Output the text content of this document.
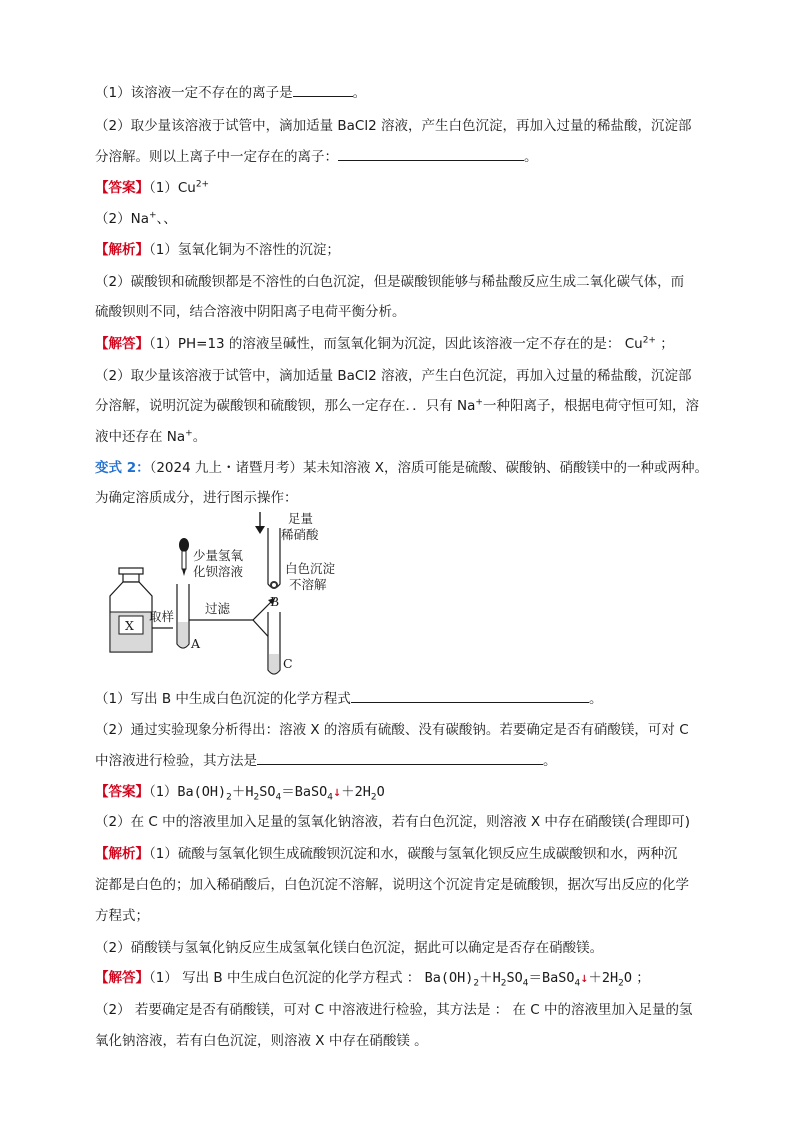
（1）该溶液一定不存在的离子是	。
（2）取少量该溶液于试管中，滴加适量 BaCl2 溶液，产生白色沉淀，再加入过量的稀盐酸，沉淀部
分溶解。则以上离子中一定存在的离子：	。
【答案】$(1)Cu^{2+}$
（2）Na+、、
【解析】（1）氢氧化铜为不溶性的沉淀；
（2）碳酸钡和硫酸钡都是不溶性的白色沉淀，但是碳酸钡能够与稀盐酸反应生成二氧化碳气体，而
硫酸钡则不同，结合溶液中阴阳离子电荷平衡分析。
【解答】（1）PH=13 的溶液呈碱性，而氢氧化铜为沉淀，因此该溶液一定不存在的是： $Cu^{2+}$ ；
（2）取少量该溶液于试管中，滴加适量 BaCl2 溶液，产生白色沉淀，再加入过量的稀盐酸，沉淀部
分溶解，说明沉淀为碳酸钡和硫酸钡，那么一定存在．．只有 Na+一种阳离子，根据电荷守恒可知，溶
液中还存在 Na+。
变式 2：（2024 九上・诸暨月考）某未知溶液 X，溶质可能是硫酸、碳酸钠、硝酸镁中的一种或两种。
为确定溶质成分，进行图示操作：
X
取样
少量氢氧
化钡溶液
A
过滤
足量
稀硝酸
白色沉淀
不溶解
B
C
（1）写出 B 中生成白色沉淀的化学方程式	。
（2）通过实验现象分析得出：溶液 X 的溶质有硫酸、没有碳酸钠。若要确定是否有硝酸镁，可对 C
中溶液进行检验，其方法是	。
【答案】$(1)Ba(OH)_2+H_2SO_4=BaSO_4↓+2H_2O$
（2）在 C 中的溶液里加入足量的氢氧化钠溶液，若有白色沉淀，则溶液 X 中存在硝酸镁(合理即可)
【解析】（1）硫酸与氢氧化钡生成硫酸钡沉淀和水，碳酸与氢氧化钡反应生成碳酸钡和水，两种沉
淀都是白色的；加入稀硝酸后，白色沉淀不溶解，说明这个沉淀肯定是硫酸钡，据次写出反应的化学
方程式；
（2）硝酸镁与氢氧化钠反应生成氢氧化镁白色沉淀，据此可以确定是否存在硝酸镁。
【解答】（1） 写出 B 中生成白色沉淀的化学方程式 ： $Ba(OH)_2+H_2SO_4=BaSO_4↓+2H_2O$ ；
（2） 若要确定是否有硝酸镁，可对 C 中溶液进行检验，其方法是 ： 在 C 中的溶液里加入足量的氢
氧化钠溶液，若有白色沉淀，则溶液 X 中存在硝酸镁 。
